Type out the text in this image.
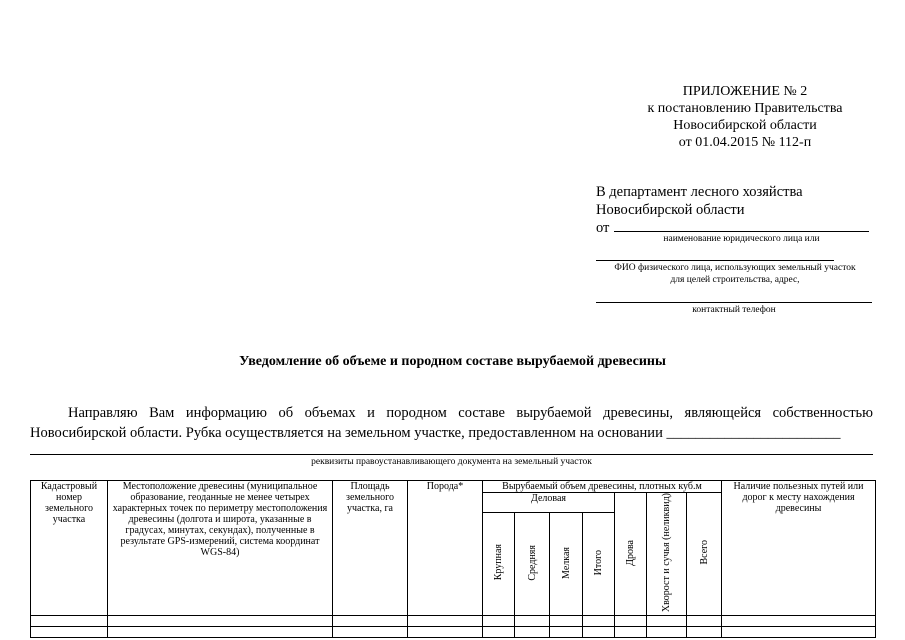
ПРИЛОЖЕНИЕ № 2
к постановлению Правительства
Новосибирской области
от 01.04.2015 № 112-п
В департамент лесного хозяйства
Новосибирской области
от
наименование юридического лица или
ФИО физического лица, использующих земельный участок
для целей строительства, адрес,
контактный телефон
Уведомление об объеме и породном составе вырубаемой древесины
Направляю Вам информацию об объемах и породном составе вырубаемой древесины, являющейся собственностью Новосибирской области. Рубка осуществляется на земельном участке, предоставленном на основании ________________________
реквизиты правоустанавливающего документа на земельный участок
Кадастровый номер земельного участка	Местоположение древесины (муниципальное образование, геоданные не менее четырех характерных точек по периметру местоположения древесины (долгота и широта, указанные в градусах, минутах, секундах), полученные в результате GPS-измерений, система координат WGS-84)	Площадь земельного участка, га	Порода*	Вырубаемый объем древесины, плотных куб.м							Наличие польезных путей или дорог к месту нахождения древесины
				Деловая				Дрова	Хворост и сучья (неликвид)	Всего	
				Крупная	Средняя	Мелкая	Итого				
